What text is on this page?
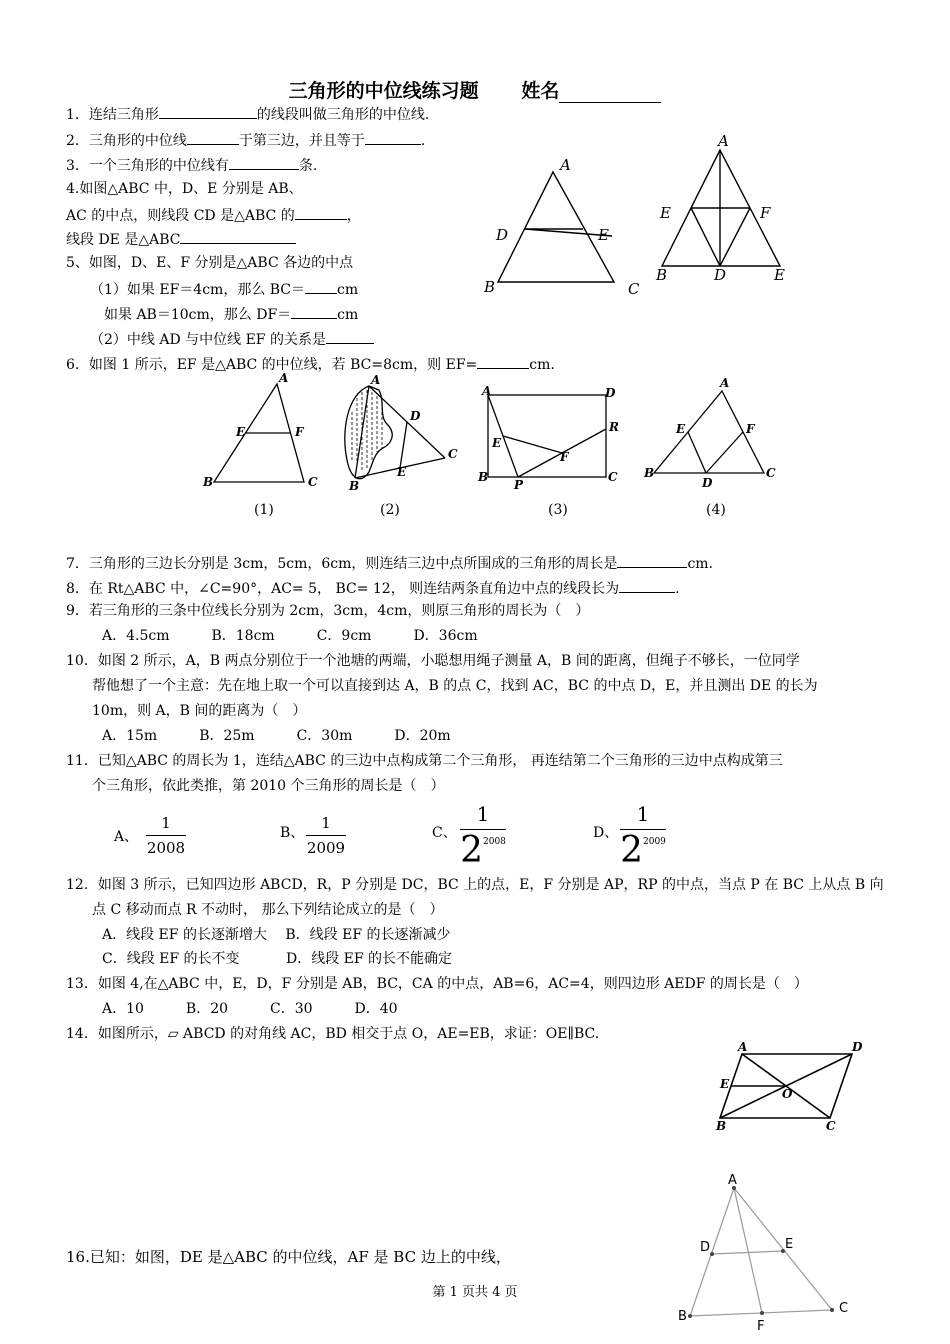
三角形的中位线练习题 姓名
1．连结三角形	的线段叫做三角形的中位线.
2．三角形的中位线	于第三边，并且等于	.
3．一个三角形的中位线有	条.
4.如图△ABC 中，D、E 分别是 AB、
AC 的中点，则线段 CD 是△ABC 的	，
线段 DE 是△ABC
5、如图，D、E、F 分别是△ABC 各边的中点
（1）如果 EF＝4cm，那么 BC＝ cm
如果 AB＝10cm，那么 DF＝	cm
（2）中线 AD 与中位线 EF 的关系是
6．如图 1 所示，EF 是△ABC 的中位线，若 BC=8cm，则 EF=	cm.
A
D	E
B	C
A
E	F
B	D	E
A
E	F
B	C
(1)
A
D
C
E
B
(2)
A	D
R
E
F
B
P
C
(3)
A
E	F
B
D
C
(4)
7．三角形的三边长分别是 3cm，5cm，6cm，则连结三边中点所围成的三角形的周长是	cm.
8．在 Rt△ABC 中，∠C=90°，AC= 5， BC= 12， 则连结两条直角边中点的线段长为	.
9．若三角形的三条中位线长分别为 2cm，3cm，4cm，则原三角形的周长为（　）
A．4.5cm　　　B．18cm　　　C．9cm　　　D．36cm
10．如图 2 所示，A，B 两点分别位于一个池塘的两端，小聪想用绳子测量 A，B 间的距离，但绳子不够长，一位同学
帮他想了一个主意：先在地上取一个可以直接到达 A，B 的点 C，找到 AC，BC 的中点 D，E，并且测出 DE 的长为
10m，则 A，B 间的距离为（　）
A．15m　　　B．25m　　　C．30m　　　D．20m
11．已知△ABC 的周长为 1，连结△ABC 的三边中点构成第二个三角形， 再连结第二个三角形的三边中点构成第三
个三角形，依此类推，第 2010 个三角形的周长是（　）
A、
1
2008
B、
1
2009
C、
1
$2^{2008}$
D、
1
$2^{2009}$
12．如图 3 所示，已知四边形 ABCD，R，P 分别是 DC，BC 上的点，E，F 分别是 AP，RP 的中点，当点 P 在 BC 上从点 B 向
点 C 移动而点 R 不动时， 那么下列结论成立的是（　）
A．线段 EF 的长逐渐增大　 B．线段 EF 的长逐渐减少
C．线段 EF 的长不变　　　 D．线段 EF 的长不能确定
13．如图 4,在△ABC 中，E，D，F 分别是 AB，BC，CA 的中点，AB=6，AC=4，则四边形 AEDF 的周长是（　）
A．10　　　B．20　　　C．30　　　D．40
14．如图所示，▱ ABCD 的对角线 AC，BD 相交于点 O，AE=EB，求证：OE∥BC.
A	D
E
O
B	C
16.已知：如图，DE 是△ABC 的中位线，AF 是 BC 边上的中线，
A
D	E
B
F
C
第 1 页共 4 页
